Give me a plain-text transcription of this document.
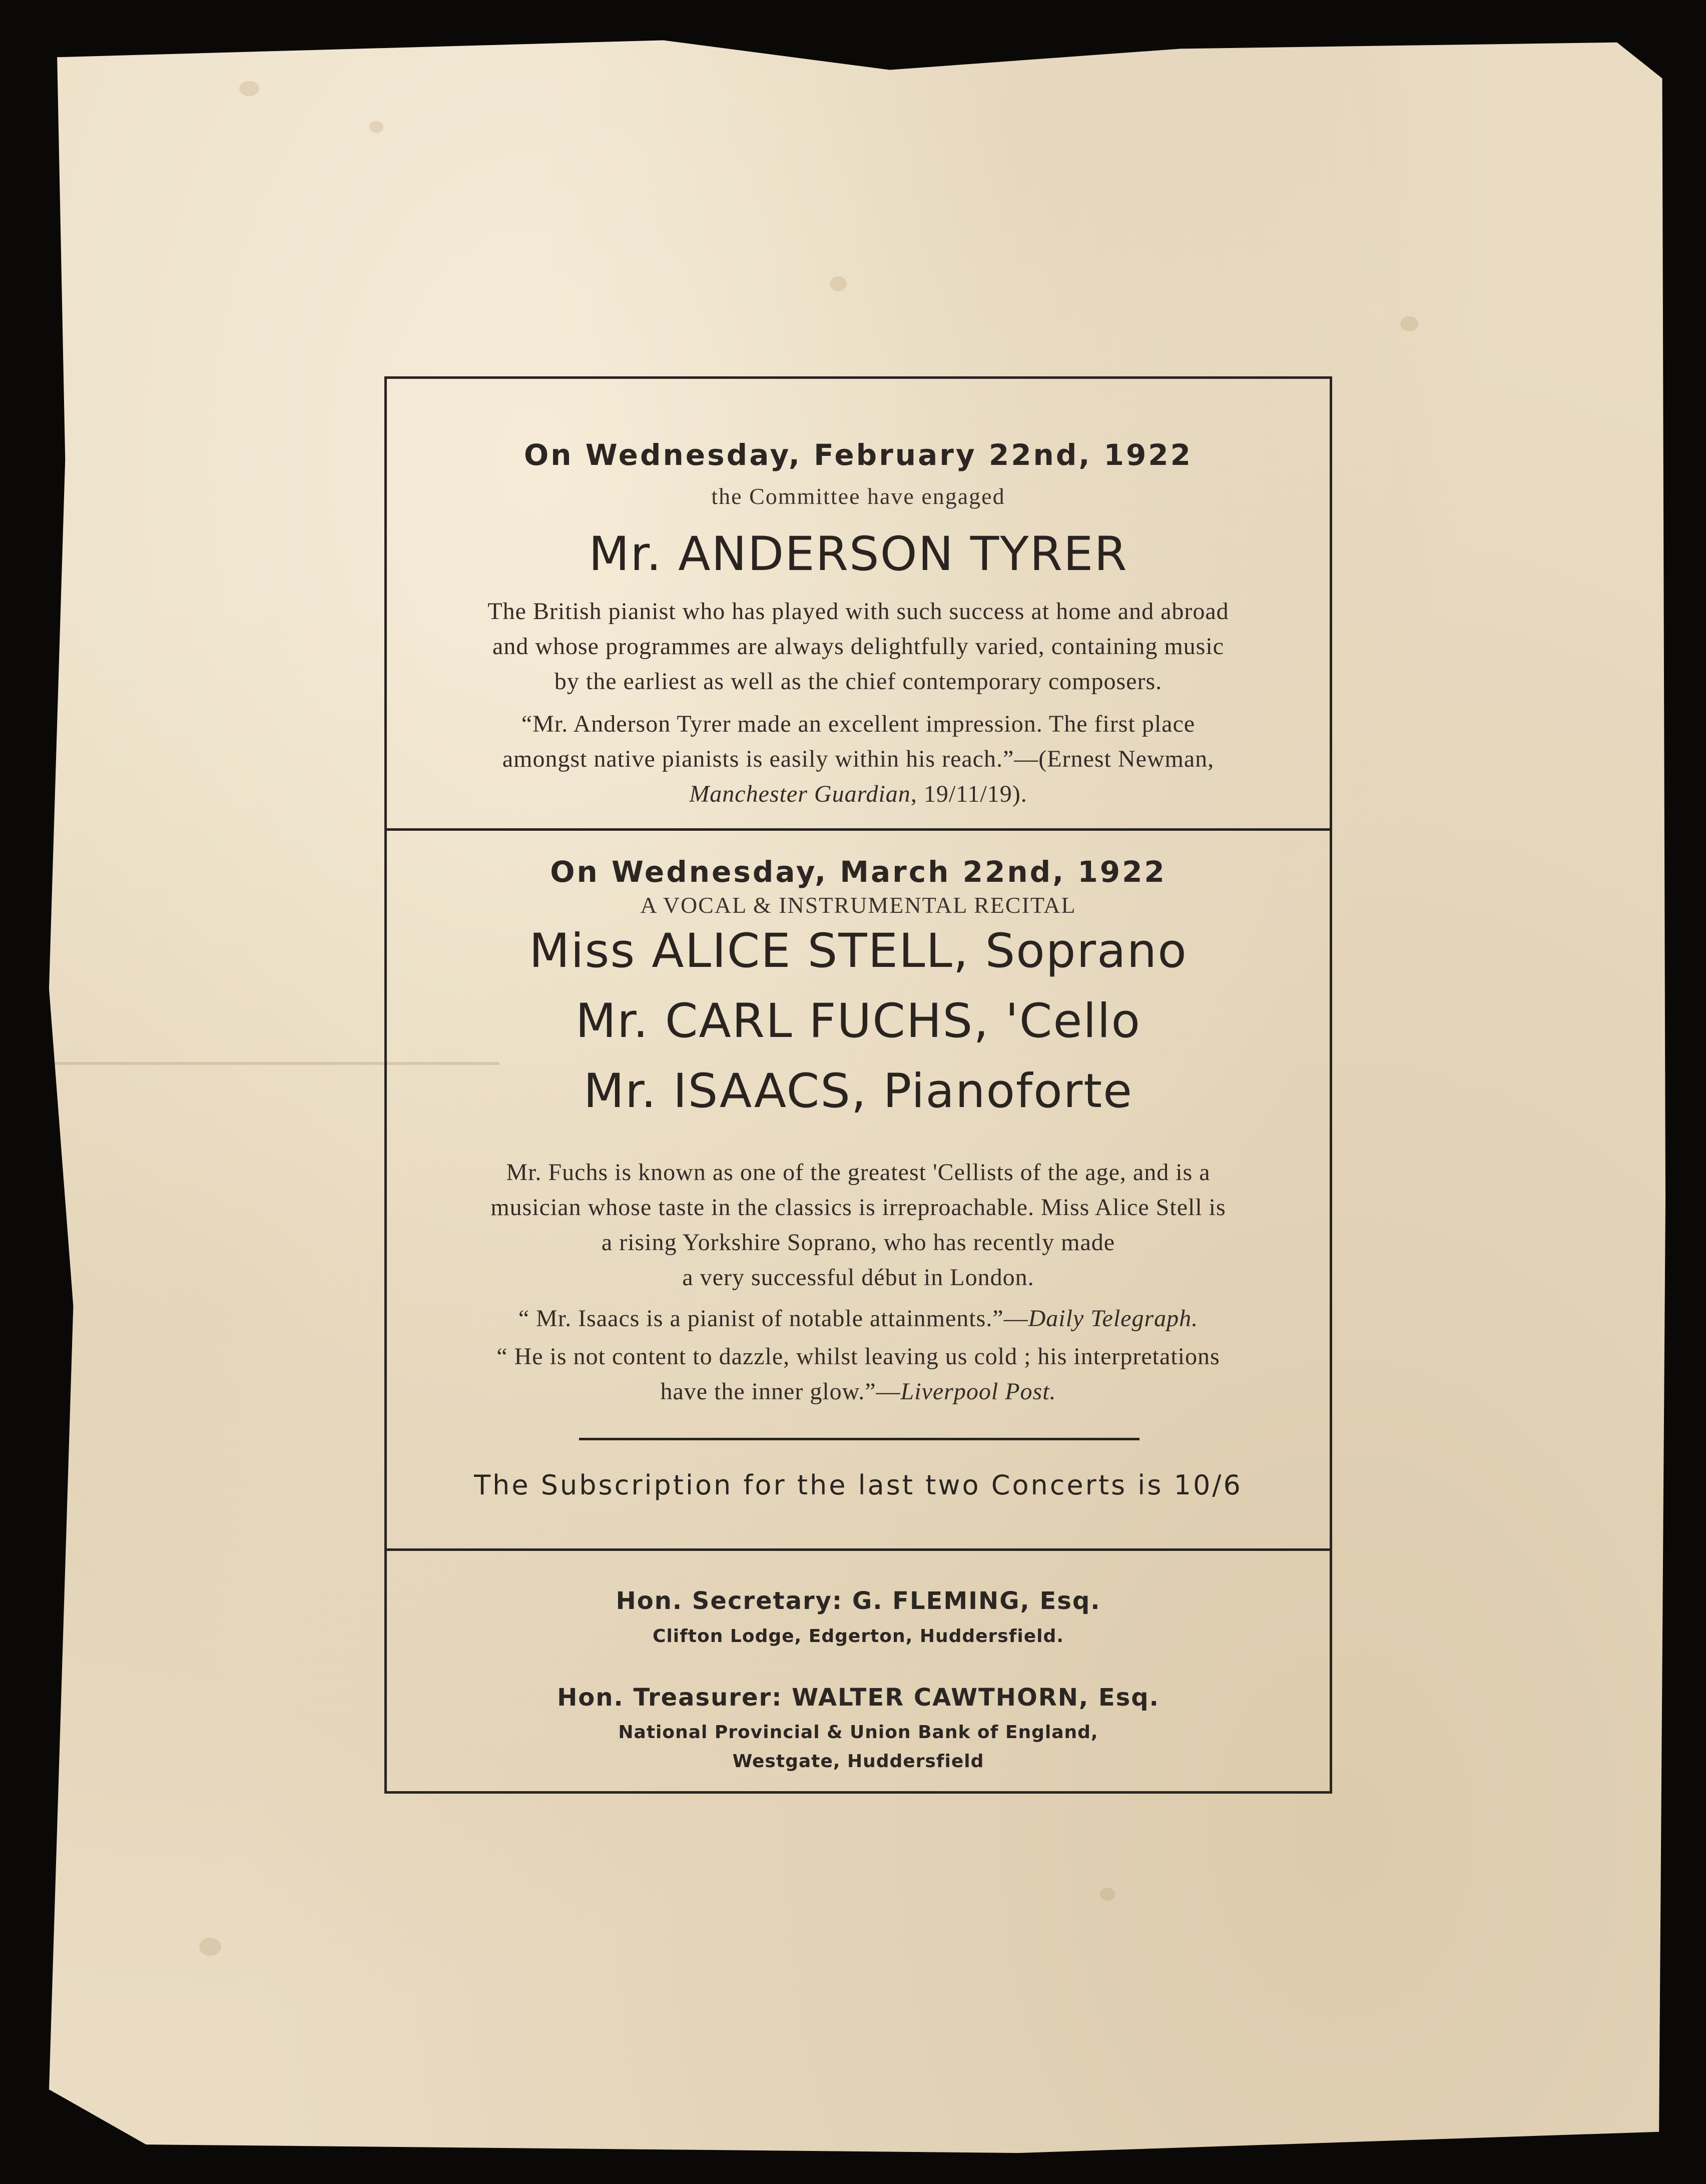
On Wednesday, February 22nd, 1922

the Committee have engaged

Mr. ANDERSON TYRER

The British pianist who has played with such success at home and abroad
and whose programmes are always delightfully varied, containing music
by the earliest as well as the chief contemporary composers.
“Mr. Anderson Tyrer made an excellent impression. The first place
amongst native pianists is easily within his reach.”—(Ernest Newman,
Manchester Guardian, 19/11/19).

On Wednesday, March 22nd, 1922

A VOCAL & INSTRUMENTAL RECITAL

Miss ALICE STELL, Soprano

Mr. CARL FUCHS, 'Cello

Mr. ISAACS, Pianoforte

Mr. Fuchs is known as one of the greatest 'Cellists of the age, and is a
musician whose taste in the classics is irreproachable. Miss Alice Stell is
a rising Yorkshire Soprano, who has recently made
a very successful début in London.
“ Mr. Isaacs is a pianist of notable attainments.”—Daily Telegraph.
“ He is not content to dazzle, whilst leaving us cold ; his interpretations
have the inner glow.”—Liverpool Post.

The Subscription for the last two Concerts is 10/6

Hon. Secretary: G. FLEMING, Esq.

Clifton Lodge, Edgerton, Huddersfield.

Hon. Treasurer: WALTER CAWTHORN, Esq.

National Provincial & Union Bank of England,

Westgate, Huddersfield
